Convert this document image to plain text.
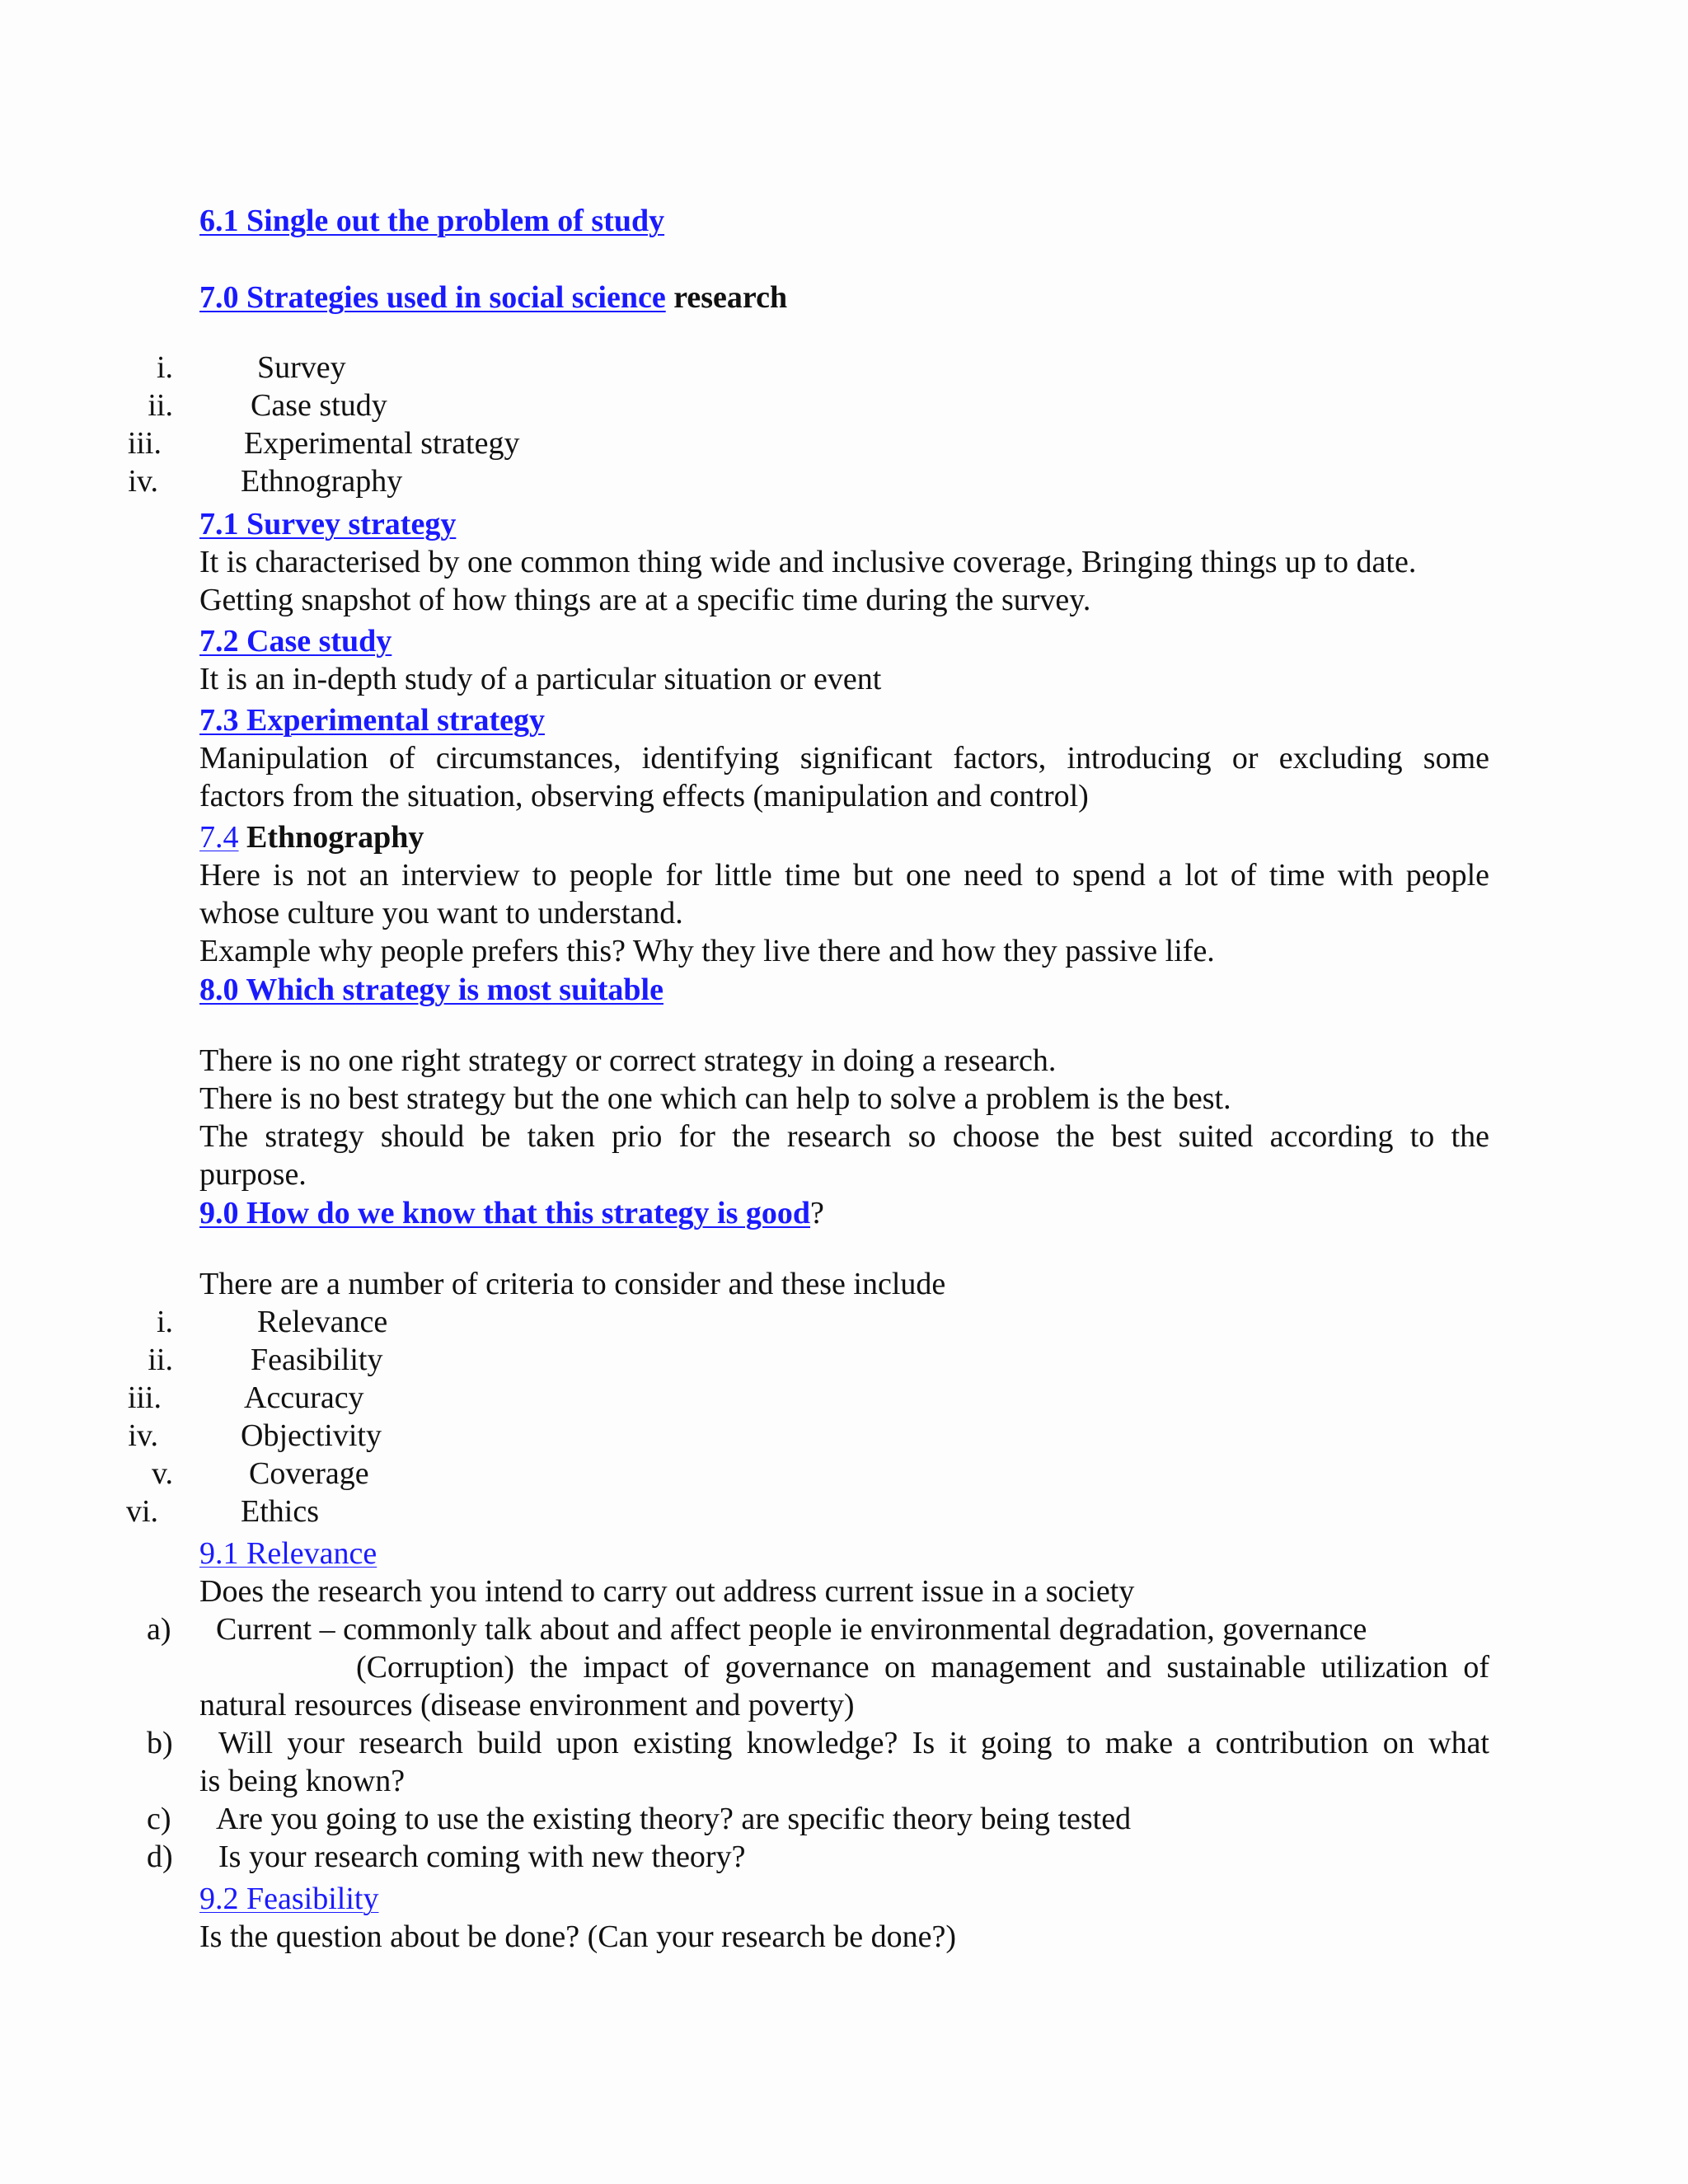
6.1 Single out the problem of study
7.0 Strategies used in social science research
i.	Survey
ii. Case study
iii.	Experimental strategy
iv.	Ethnography
7.1 Survey strategy
It is characterised by one common thing wide and inclusive coverage, Bringing things up to date.
Getting snapshot of how things are at a specific time during the survey.
7.2 Case study
It is an in-depth study of a particular situation or event
7.3 Experimental strategy
Manipulation of circumstances, identifying significant factors, introducing or excluding some
factors from the situation, observing effects (manipulation and control)
7.4 Ethnography
Here is not an interview to people for little time but one need to spend a lot of time with people
whose culture you want to understand.
Example why people prefers this? Why they live there and how they passive life.
8.0 Which strategy is most suitable
There is no one right strategy or correct strategy in doing a research.
There is no best strategy but the one which can help to solve a problem is the best.
The strategy should be taken prio for the research so choose the best suited according to the
purpose.
9.0 How do we know that this strategy is good?
There are a number of criteria to consider and these include
i.	Relevance
ii. Feasibility
iii.	Accuracy
iv.	Objectivity
v. Coverage
vi.	Ethics
9.1 Relevance
Does the research you intend to carry out address current issue in a society
a) Current – commonly talk about and affect people ie environmental degradation, governance
(Corruption) the impact of governance on management and sustainable utilization of
natural resources (disease environment and poverty)
b) Will your research build upon existing knowledge? Is it going to make a contribution on what
is being known?
c) Are you going to use the existing theory? are specific theory being tested
d) Is your research coming with new theory?
9.2 Feasibility
Is the question about be done? (Can your research be done?)
